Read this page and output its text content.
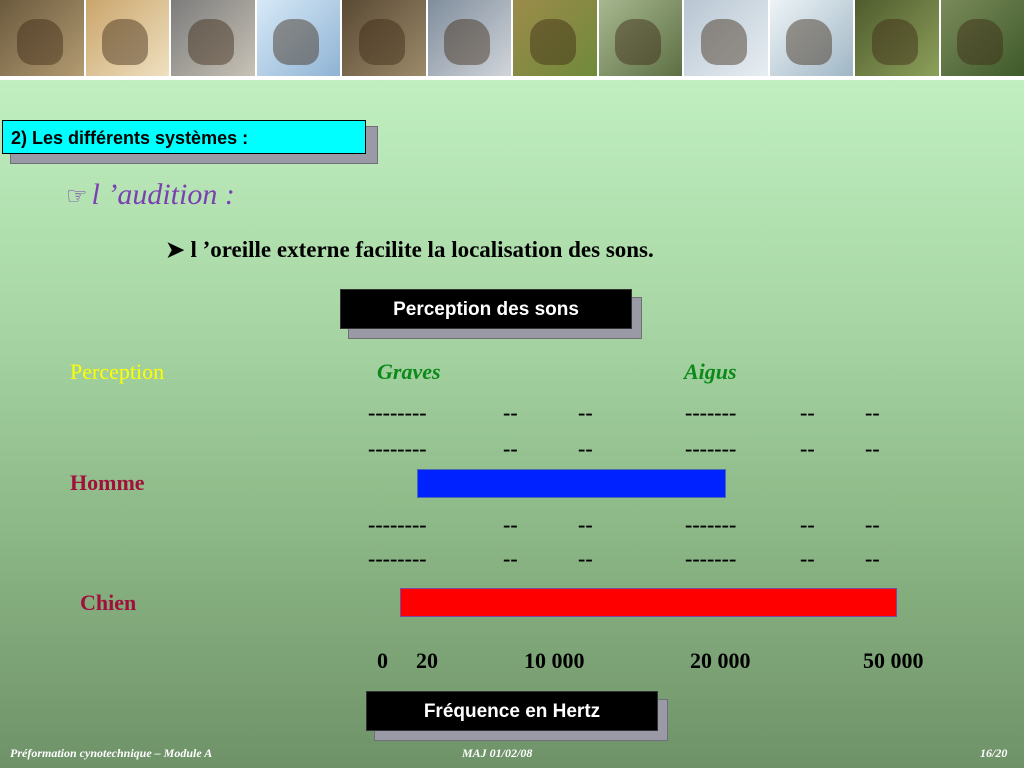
2) Les différents systèmes :
☞ l ’audition :
➤ l ’oreille externe facilite la localisation des sons.
Perception des sons
Perception	Graves	Aigus
--------	--	--	-------	-- --
--------	--	--	-------	-- --
Homme
--------	--	--	-------	-- --
--------	--	--	-------	-- --
Chien
0 20	10 000	20 000	50 000
Fréquence en Hertz
Préformation cynotechnique – Module A	MAJ 01/02/08	16/20
